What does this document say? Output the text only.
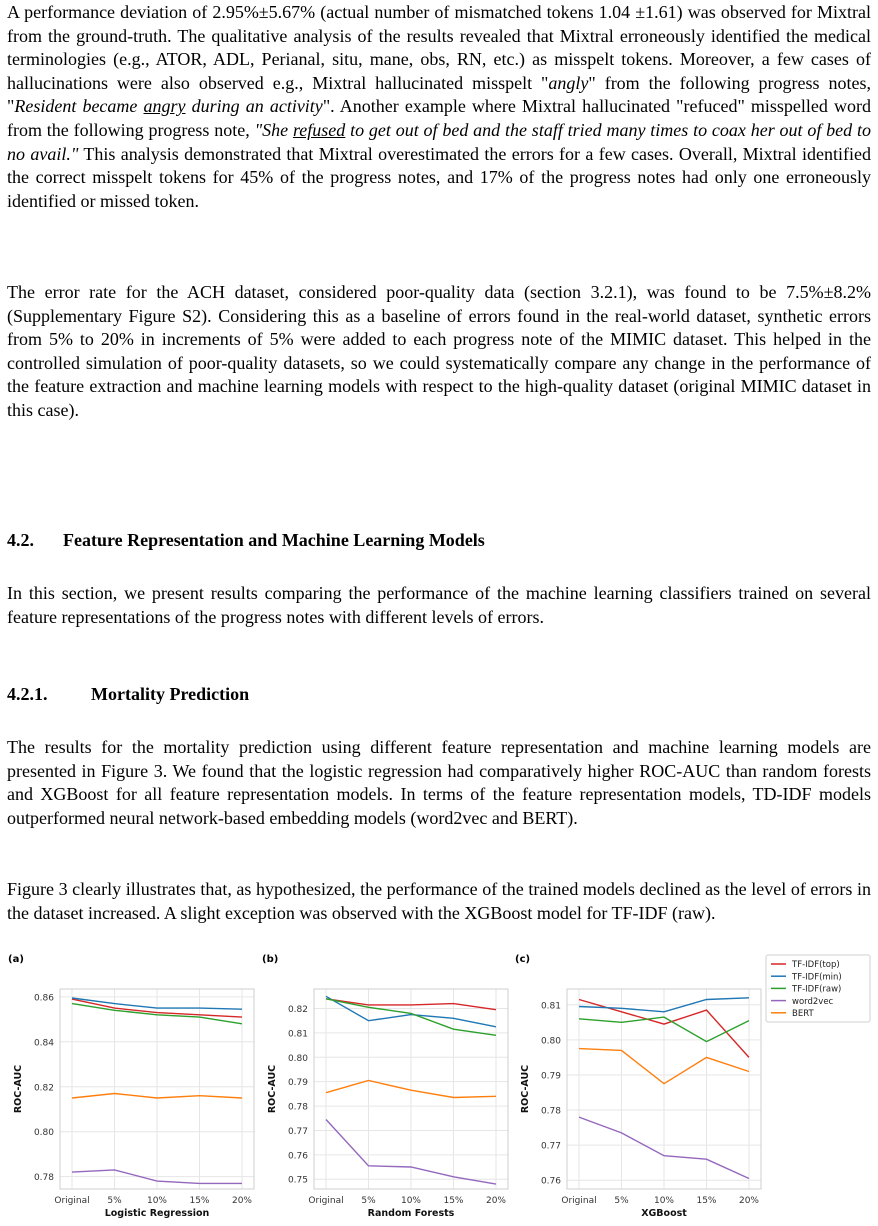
A performance deviation of 2.95%±5.67% (actual number of mismatched tokens 1.04 ±1.61) was observed for Mixtral from the ground-truth. The qualitative analysis of the results revealed that Mixtral erroneously identified the medical terminologies (e.g., ATOR, ADL, Perianal, situ, mane, obs, RN, etc.) as misspelt tokens. Moreover, a few cases of hallucinations were also observed e.g., Mixtral hallucinated misspelt "angly" from the following progress notes, "Resident became angry during an activity". Another example where Mixtral hallucinated "refuced" misspelled word from the following progress note, "She refused to get out of bed and the staff tried many times to coax her out of bed to no avail." This analysis demonstrated that Mixtral overestimated the errors for a few cases. Overall, Mixtral identified the correct misspelt tokens for 45% of the progress notes, and 17% of the progress notes had only one erroneously identified or missed token.

The error rate for the ACH dataset, considered poor-quality data (section 3.2.1), was found to be 7.5%±8.2% (Supplementary Figure S2). Considering this as a baseline of errors found in the real-world dataset, synthetic errors from 5% to 20% in increments of 5% were added to each progress note of the MIMIC dataset. This helped in the controlled simulation of poor-quality datasets, so we could systematically compare any change in the performance of the feature extraction and machine learning models with respect to the high-quality dataset (original MIMIC dataset in this case).

4.2. Feature Representation and Machine Learning Models

In this section, we present results comparing the performance of the machine learning classifiers trained on several feature representations of the progress notes with different levels of errors.

4.2.1. Mortality Prediction

The results for the mortality prediction using different feature representation and machine learning models are presented in Figure 3. We found that the logistic regression had comparatively higher ROC-AUC than random forests and XGBoost for all feature representation models. In terms of the feature representation models, TD-IDF models outperformed neural network-based embedding models (word2vec and BERT).

Figure 3 clearly illustrates that, as hypothesized, the performance of the trained models declined as the level of errors in the dataset increased. A slight exception was observed with the XGBoost model for TF-IDF (raw).

(a)
0.78
0.80
0.82
0.84
0.86
Original 5%	10% 15% 20%
Logistic Regression
ROC-AUC
(b)
0.75
0.76
0.77
0.78
0.79
0.80
0.81
0.82
Original 5%	10% 15% 20%
Random Forests
ROC-AUC
(c)
0.76
0.77
0.78
0.79
0.80
0.81
Original 5%	10% 15% 20%
XGBoost
ROC-AUC
TF-IDF(top)
TF-IDF(min)
TF-IDF(raw)
word2vec
BERT
